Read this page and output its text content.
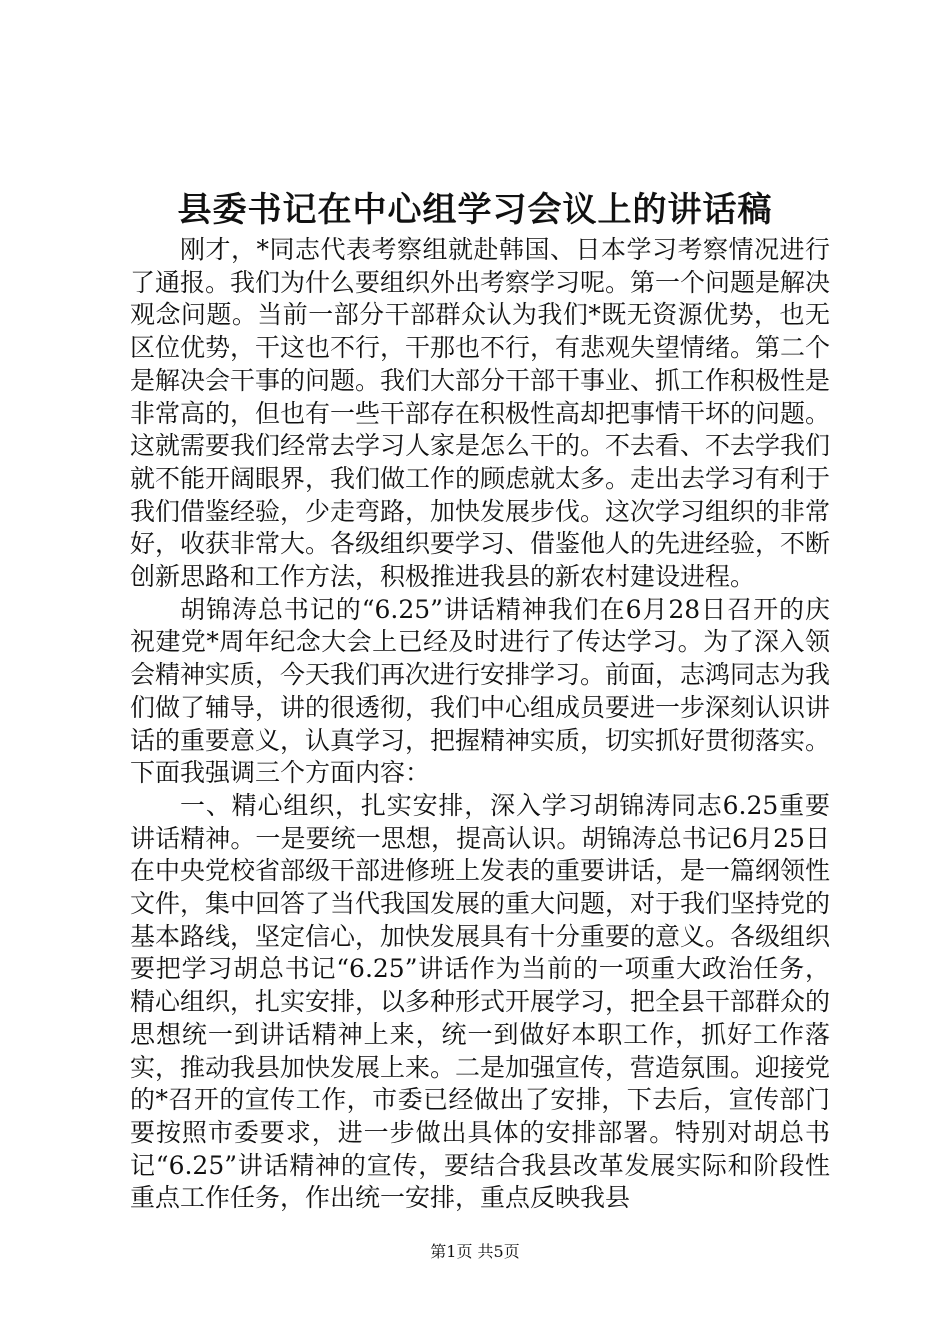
县委书记在中心组学习会议上的讲话稿

刚才，*同志代表考察组就赴韩国、日本学习考察情况进行了通报。我们为什么要组织外出考察学习呢。第一个问题是解决观念问题。当前一部分干部群众认为我们*既无资源优势，也无区位优势，干这也不行，干那也不行，有悲观失望情绪。第二个是解决会干事的问题。我们大部分干部干事业、抓工作积极性是非常高的，但也有一些干部存在积极性高却把事情干坏的问题。这就需要我们经常去学习人家是怎么干的。不去看、不去学我们就不能开阔眼界，我们做工作的顾虑就太多。走出去学习有利于我们借鉴经验，少走弯路，加快发展步伐。这次学习组织的非常好，收获非常大。各级组织要学习、借鉴他人的先进经验，不断创新思路和工作方法，积极推进我县的新农村建设进程。

胡锦涛总书记的“6.25”讲话精神我们在6月28日召开的庆祝建党*周年纪念大会上已经及时进行了传达学习。为了深入领会精神实质，今天我们再次进行安排学习。前面，志鸿同志为我们做了辅导，讲的很透彻，我们中心组成员要进一步深刻认识讲话的重要意义，认真学习，把握精神实质，切实抓好贯彻落实。下面我强调三个方面内容：

一、精心组织，扎实安排，深入学习胡锦涛同志6.25重要讲话精神。一是要统一思想，提高认识。胡锦涛总书记6月25日在中央党校省部级干部进修班上发表的重要讲话，是一篇纲领性文件，集中回答了当代我国发展的重大问题，对于我们坚持党的基本路线，坚定信心，加快发展具有十分重要的意义。各级组织要把学习胡总书记“6.25”讲话作为当前的一项重大政治任务，精心组织，扎实安排，以多种形式开展学习，把全县干部群众的思想统一到讲话精神上来，统一到做好本职工作，抓好工作落实，推动我县加快发展上来。二是加强宣传，营造氛围。迎接党的*召开的宣传工作，市委已经做出了安排，下去后，宣传部门要按照市委要求，进一步做出具体的安排部署。特别对胡总书记“6.25”讲话精神的宣传，要结合我县改革发展实际和阶段性重点工作任务，作出统一安排，重点反映我县

第1页 共5页
